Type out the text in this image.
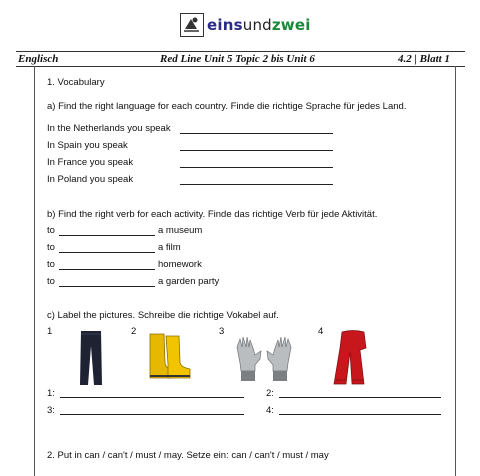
einsundzwei
Englisch	Red Line Unit 5 Topic 2 bis Unit 6	4.2 | Blatt 1
1. Vocabulary
a) Find the right language for each country. Finde die richtige Sprache für jedes Land.
In the Netherlands you speak
In Spain you speak
In France you speak
In Poland you speak
b) Find the right verb for each activity. Finde das richtige Verb für jede Aktivität.
to	a museum
to	a film
to	homework
to	a garden party
c) Label the pictures. Schreibe die richtige Vokabel auf.
1	2	3	4
1:	2:
3:	4:
2. Put in can / can't / must / may. Setze ein: can / can't / must / may
